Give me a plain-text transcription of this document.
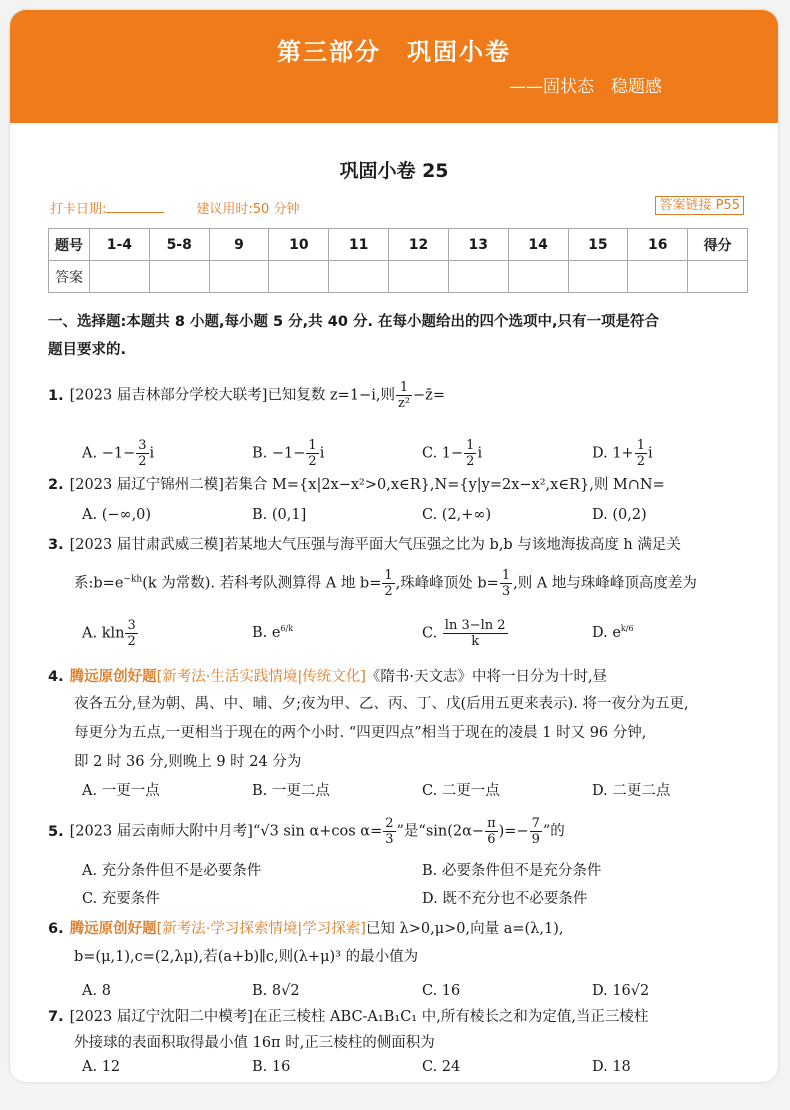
第三部分　巩固小卷
——固状态　稳题感
巩固小卷 25
打卡日期:	建议用时:50 分钟	答案链接 P55
题号	1-4	5-8	9	10	11	12	13	14	15	16	得分
答案											
一、选择题:本题共 8 小题,每小题 5 分,共 40 分. 在每小题给出的四个选项中,只有一项是符合
题目要求的.
1. [2023 届吉林部分学校大联考]已知复数 z=1−i,则 $\frac{1}{\text{z²}}$ −z̄=
A. $-1- \frac{3}{2}$ i	B. $-1- \frac{1}{2}$ i	C. $1- \frac{1}{2}$ i	D. $1+ \frac{1}{2}$ i
2. [2023 届辽宁锦州二模]若集合 M={x|2x−x²>0,x∈R},N={y|y=2x−x²,x∈R},则 M∩N=
A. (−∞,0)	B. (0,1]	C. (2,+∞)	D. (0,2)
3. [2023 届甘肃武威三模]若某地大气压强与海平面大气压强之比为 b,b 与该地海拔高度 h 满足关
系$:b=e^{-kh}(k$ 为常数). 若科考队测算得 A 地 $b= \frac{1}{2}$ ,珠峰峰顶处 $b= \frac{1}{3}$ ,则 A 地与珠峰峰顶高度差为
A. kln $\frac{3}{2}$	B. $e^{6/k}$	C. $\frac{\ln 3-\ln 2}{k}$	D. $e^{k/6}$
4. 腾远原创好题[新考法·生活实践情境|传统文化]《隋书·天文志》中将一日分为十时,昼
夜各五分,昼为朝、禺、中、晡、夕;夜为甲、乙、丙、丁、戊(后用五更来表示). 将一夜分为五更,
每更分为五点,一更相当于现在的两个小时. “四更四点”相当于现在的凌晨 1 时又 96 分钟,
即 2 时 36 分,则晚上 9 时 24 分为
A. 一更一点	B. 一更二点	C. 二更一点	D. 二更二点
5. [2023 届云南师大附中月考]“√3 sin α+cos $\alpha= \frac{2}{3}$ ”是“$\sin(2\alpha- \frac{\pi}{6}$ )=− $\frac{7}{9}$ ”的
A. 充分条件但不是必要条件	B. 必要条件但不是充分条件
C. 充要条件	D. 既不充分也不必要条件
6. 腾远原创好题[新考法·学习探索情境|学习探索]已知 λ>0,μ>0,向量 a=(λ,1),
b=(μ,1),c=(2,λμ),若(a+b)∥c,则(λ+μ)³ 的最小值为
A. 8	B. 8√2	C. 16	D. 16√2
7. [2023 届辽宁沈阳二中模考]在正三棱柱 ABC-A₁B₁C₁ 中,所有棱长之和为定值,当正三棱柱
外接球的表面积取得最小值 16π 时,正三棱柱的侧面积为
A. 12	B. 16	C. 24	D. 18
